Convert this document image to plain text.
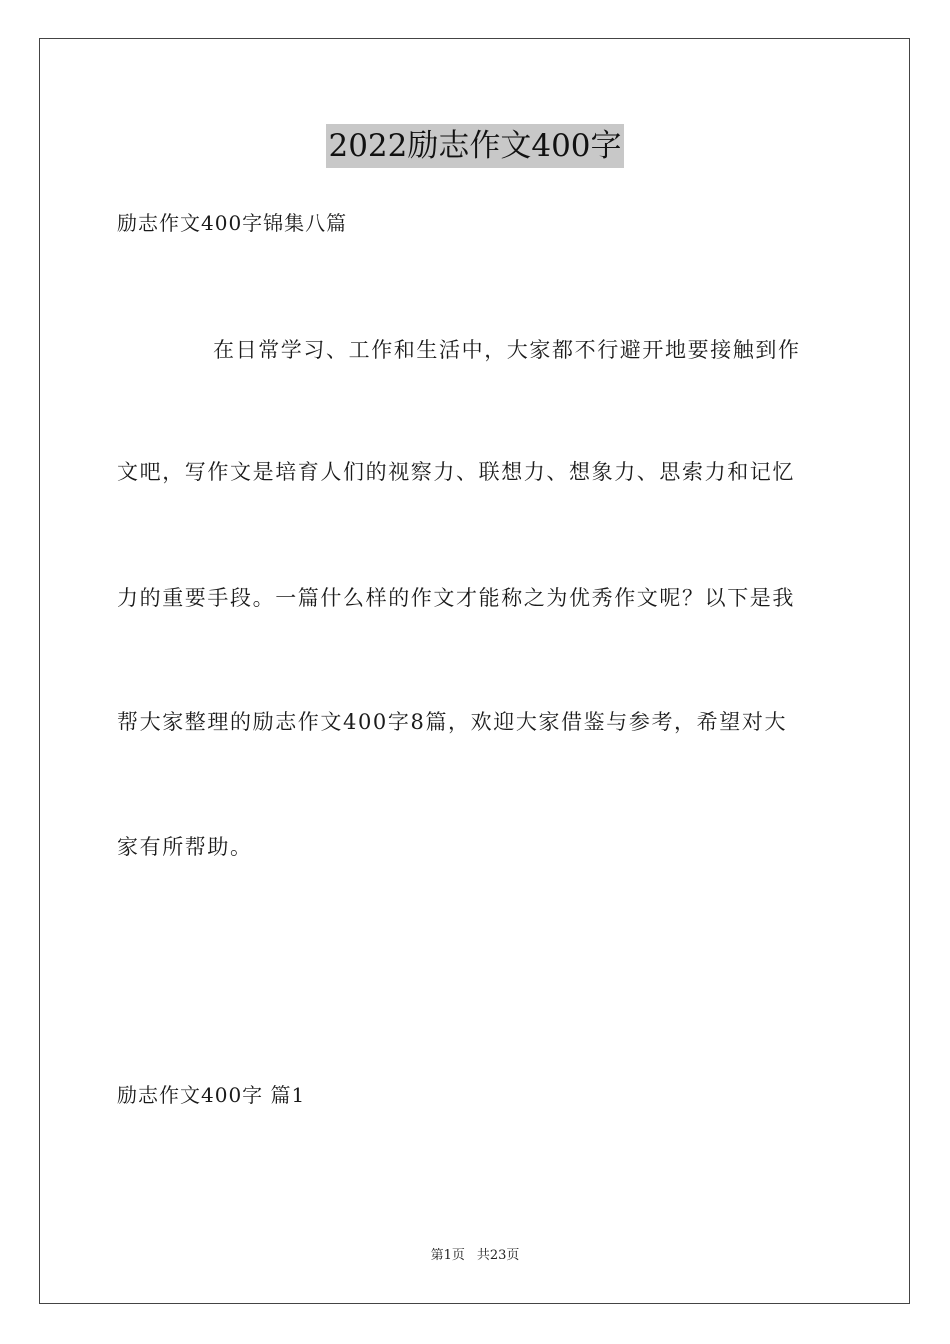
2022励志作文400字
励志作文400字锦集八篇
在日常学习、工作和生活中，大家都不行避开地要接触到作
文吧，写作文是培育人们的视察力、联想力、想象力、思索力和记忆
力的重要手段。一篇什么样的作文才能称之为优秀作文呢？以下是我
帮大家整理的励志作文400字8篇，欢迎大家借鉴与参考，希望对大
家有所帮助。
励志作文400字 篇1
第1页 共23页
